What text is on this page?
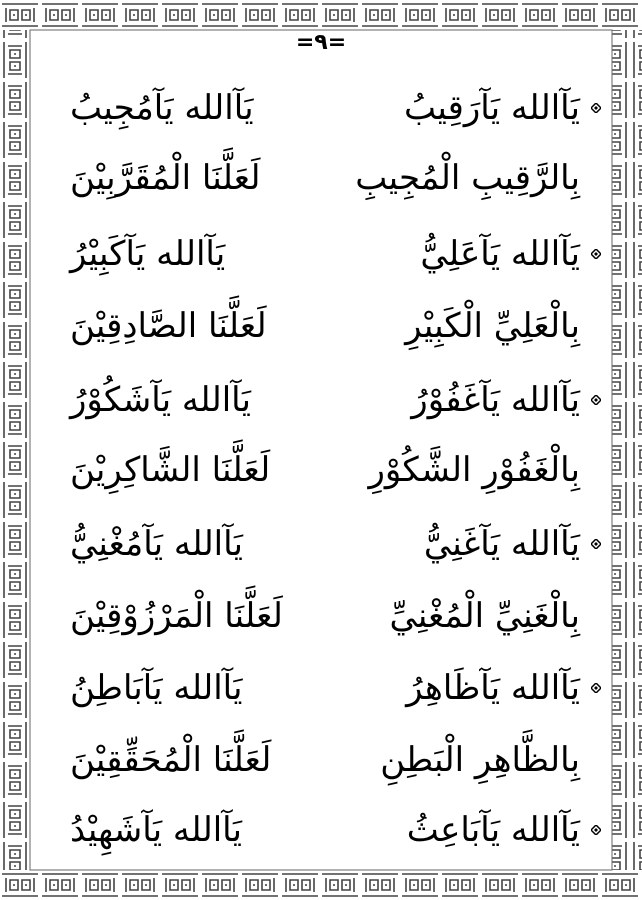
=٩=
يَآالله يَآرَقِيبُ
يَآالله يَآمُجِيبُ
بِالرَّقِيبِ الْمُجِيبِ
لَعَلَّنَا الْمُقَرَّبِيْنَ
يَآالله يَآعَلِيُّ
يَآالله يَآكَبِيْرُ
بِالْعَلِيِّ الْكَبِيْرِ
لَعَلَّنَا الصَّادِقِيْنَ
يَآالله يَآغَفُوْرُ
يَآالله يَآشَكُوْرُ
بِالْغَفُوْرِ الشَّكُوْرِ
لَعَلَّنَا الشَّاكِرِيْنَ
يَآالله يَآغَنِيُّ
يَآالله يَآمُغْنِيُّ
بِالْغَنِيِّ الْمُغْنِيِّ
لَعَلَّنَا الْمَرْزُوْقِيْنَ
يَآالله يَآظَاهِرُ
يَآالله يَآبَاطِنُ
بِالظَّاهِرِ الْبَطِنِ
لَعَلَّنَا الْمُحَقِّقِيْنَ
يَآالله يَآبَاعِثُ
يَآالله يَآشَهِيْدُ
